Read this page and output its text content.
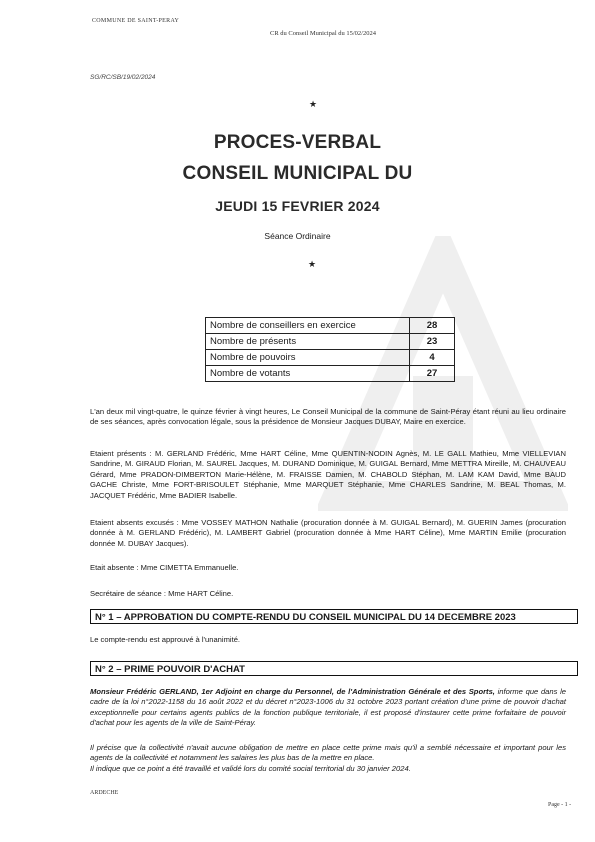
COMMUNE DE SAINT-PERAY
CR du Conseil Municipal du 15/02/2024
SG/RC/SB/19/02/2024
★
PROCES-VERBAL
CONSEIL MUNICIPAL DU
JEUDI 15 FEVRIER 2024
Séance Ordinaire
★
Nombre de conseillers en exercice	28
Nombre de présents	23
Nombre de pouvoirs	4
Nombre de votants	27
L'an deux mil vingt-quatre, le quinze février à vingt heures, Le Conseil Municipal de la commune de Saint-Péray étant réuni au lieu ordinaire de ses séances, après convocation légale, sous la présidence de Monsieur Jacques DUBAY, Maire en exercice.
Etaient présents : M. GERLAND Frédéric, Mme HART Céline, Mme QUENTIN-NODIN Agnès, M. LE GALL Mathieu, Mme VIELLEVIAN Sandrine, M. GIRAUD Florian, M. SAUREL Jacques, M. DURAND Dominique, M. GUIGAL Bernard, Mme METTRA Mireille, M. CHAUVEAU Gérard, Mme PRADON-DIMBERTON Marie-Hélène, M. FRAISSE Damien, M. CHABOLD Stéphan, M. LAM KAM David, Mme BAUD GACHE Christe, Mme FORT-BRISOULET Stéphanie, Mme MARQUET Stéphanie, Mme CHARLES Sandrine, M. BEAL Thomas, M. JACQUET Frédéric, Mme BADIER Isabelle.
Etaient absents excusés : Mme VOSSEY MATHON Nathalie (procuration donnée à M. GUIGAL Bernard), M. GUERIN James (procuration donnée à M. GERLAND Frédéric), M. LAMBERT Gabriel (procuration donnée à Mme HART Céline), Mme MARTIN Emilie (procuration donnée M. DUBAY Jacques).
Etait absente : Mme CIMETTA Emmanuelle.
Secrétaire de séance : Mme HART Céline.
N° 1 – APPROBATION DU COMPTE-RENDU DU CONSEIL MUNICIPAL DU 14 DECEMBRE 2023
Le compte-rendu est approuvé à l'unanimité.
N° 2 – PRIME POUVOIR D'ACHAT
Monsieur Frédéric GERLAND, 1er Adjoint en charge du Personnel, de l'Administration Générale et des Sports, informe que dans le cadre de la loi n°2022-1158 du 16 août 2022 et du décret n°2023-1006 du 31 octobre 2023 portant création d'une prime de pouvoir d'achat exceptionnelle pour certains agents publics de la fonction publique territoriale, il est proposé d'instaurer cette prime forfaitaire de pouvoir d'achat pour les agents de la ville de Saint-Péray.
Il précise que la collectivité n'avait aucune obligation de mettre en place cette prime mais qu'il a semblé nécessaire et important pour les agents de la collectivité et notamment les salaires les plus bas de la mettre en place.
Il indique que ce point a été travaillé et validé lors du comité social territorial du 30 janvier 2024.
ARDECHE
Page - 1 -
